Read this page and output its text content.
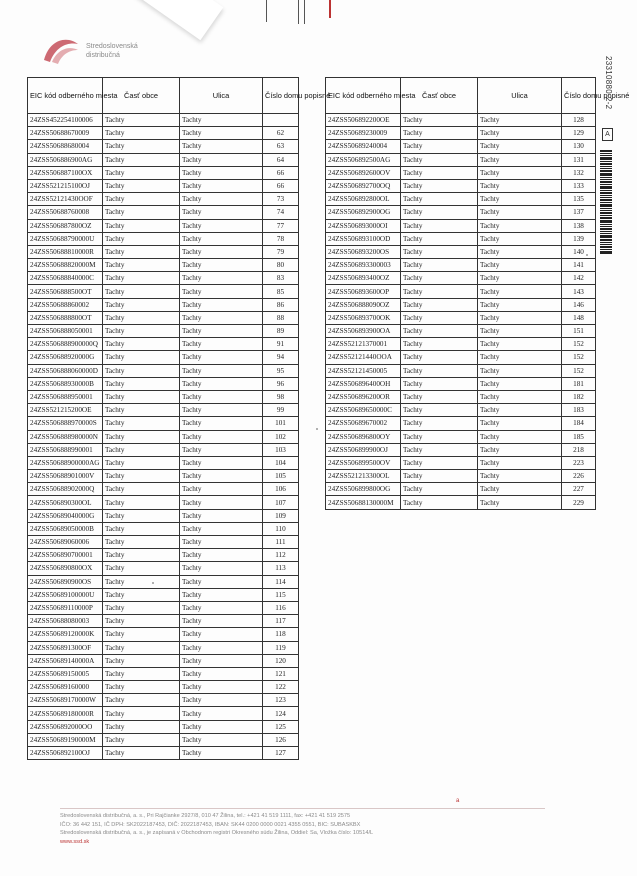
Stredoslovenská
distribučná
23310880-2-2
A
EIC kód odberného miesta	Časť obce	Ulica	Číslo domu popisné
24ZSS452254100006	Tachty	Tachty	
24ZSS50688670009	Tachty	Tachty	62
24ZSS50688680004	Tachty	Tachty	63
24ZSS506886900AG	Tachty	Tachty	64
24ZSS506887100OX	Tachty	Tachty	66
24ZSS521215100OJ	Tachty	Tachty	66
24ZSS52121430OOF	Tachty	Tachty	73
24ZSS50688760008	Tachty	Tachty	74
24ZSS506887800OZ	Tachty	Tachty	77
24ZSS50688790000U	Tachty	Tachty	78
24ZSS50688810000R	Tachty	Tachty	79
24ZSS50688820000M	Tachty	Tachty	80
24ZSS50688840000C	Tachty	Tachty	83
24ZSS506888500OT	Tachty	Tachty	85
24ZSS50688860002	Tachty	Tachty	86
24ZSS506888800OT	Tachty	Tachty	88
24ZSS506888050001	Tachty	Tachty	89
24ZSS506888900000Q	Tachty	Tachty	91
24ZSS50688920000G	Tachty	Tachty	94
24ZSS506888060000D	Tachty	Tachty	95
24ZSS50688930000B	Tachty	Tachty	96
24ZSS506888950001	Tachty	Tachty	98
24ZSS521215200OE	Tachty	Tachty	99
24ZSS506888970000S	Tachty	Tachty	101
24ZSS506888980000N	Tachty	Tachty	102
24ZSS506888990001	Tachty	Tachty	103
24ZSS50688900000AG	Tachty	Tachty	104
24ZSS50688901000V	Tachty	Tachty	105
24ZSS50688902000Q	Tachty	Tachty	106
24ZSS506890300OL	Tachty	Tachty	107
24ZSS50689040000G	Tachty	Tachty	109
24ZSS50689050000B	Tachty	Tachty	110
24ZSS50689060006	Tachty	Tachty	111
24ZSS506890700001	Tachty	Tachty	112
24ZSS506890800OX	Tachty	Tachty	113
24ZSS506890900OS	Tachty	Tachty	114
24ZSS50689100000U	Tachty	Tachty	115
24ZSS50689110000P	Tachty	Tachty	116
24ZSS50688080003	Tachty	Tachty	117
24ZSS50689120000K	Tachty	Tachty	118
24ZSS506891300OF	Tachty	Tachty	119
24ZSS50689140000A	Tachty	Tachty	120
24ZSS50689150005	Tachty	Tachty	121
24ZSS50689160000	Tachty	Tachty	122
24ZSS50689170000W	Tachty	Tachty	123
24ZSS50689180000R	Tachty	Tachty	124
24ZSS506892000OO	Tachty	Tachty	125
24ZSS50689190000M	Tachty	Tachty	126
24ZSS506892100OJ	Tachty	Tachty	127
EIC kód odberného miesta	Časť obce	Ulica	Číslo domu popisné
24ZSS506892200OE	Tachty	Tachty	128
24ZSS50689230009	Tachty	Tachty	129
24ZSS50689240004	Tachty	Tachty	130
24ZSS506892500AG	Tachty	Tachty	131
24ZSS506892600OV	Tachty	Tachty	132
24ZSS506892700OQ	Tachty	Tachty	133
24ZSS506892800OL	Tachty	Tachty	135
24ZSS506892900OG	Tachty	Tachty	137
24ZSS506893000OI	Tachty	Tachty	138
24ZSS506893100OD	Tachty	Tachty	139
24ZSS506893200OS	Tachty	Tachty	140
24ZSS506893300003	Tachty	Tachty	141
24ZSS506893400OZ	Tachty	Tachty	142
24ZSS506893600OP	Tachty	Tachty	143
24ZSS506888090OZ	Tachty	Tachty	146
24ZSS506893700OK	Tachty	Tachty	148
24ZSS506893900OA	Tachty	Tachty	151
24ZSS52121370001	Tachty	Tachty	152
24ZSS52121440OOA	Tachty	Tachty	152
24ZSS52121450005	Tachty	Tachty	152
24ZSS506896400OH	Tachty	Tachty	181
24ZSS506896200OR	Tachty	Tachty	182
24ZSS50689650000C	Tachty	Tachty	183
24ZSS50689670002	Tachty	Tachty	184
24ZSS506896800OY	Tachty	Tachty	185
24ZSS506899900OJ	Tachty	Tachty	218
24ZSS506899500OV	Tachty	Tachty	223
24ZSS521213300OL	Tachty	Tachty	226
24ZSS506899800OG	Tachty	Tachty	227
24ZSS50688130000M	Tachty	Tachty	229
a
Stredoslovenská distribučná, a. s., Pri Rajčianke 2927/8, 010 47 Žilina, tel.: +421 41 519 1111, fax: +421 41 519 2575
IČO: 36 442 151, IČ DPH: SK2022187453, DIČ: 2022187453, IBAN: SK44 0200 0000 0021 4355 0551, BIC: SUBASKBX
Stredoslovenská distribučná, a. s., je zapísaná v Obchodnom registri Okresného súdu Žilina, Oddiel: Sa, Vložka číslo: 10514/L
www.ssd.sk
